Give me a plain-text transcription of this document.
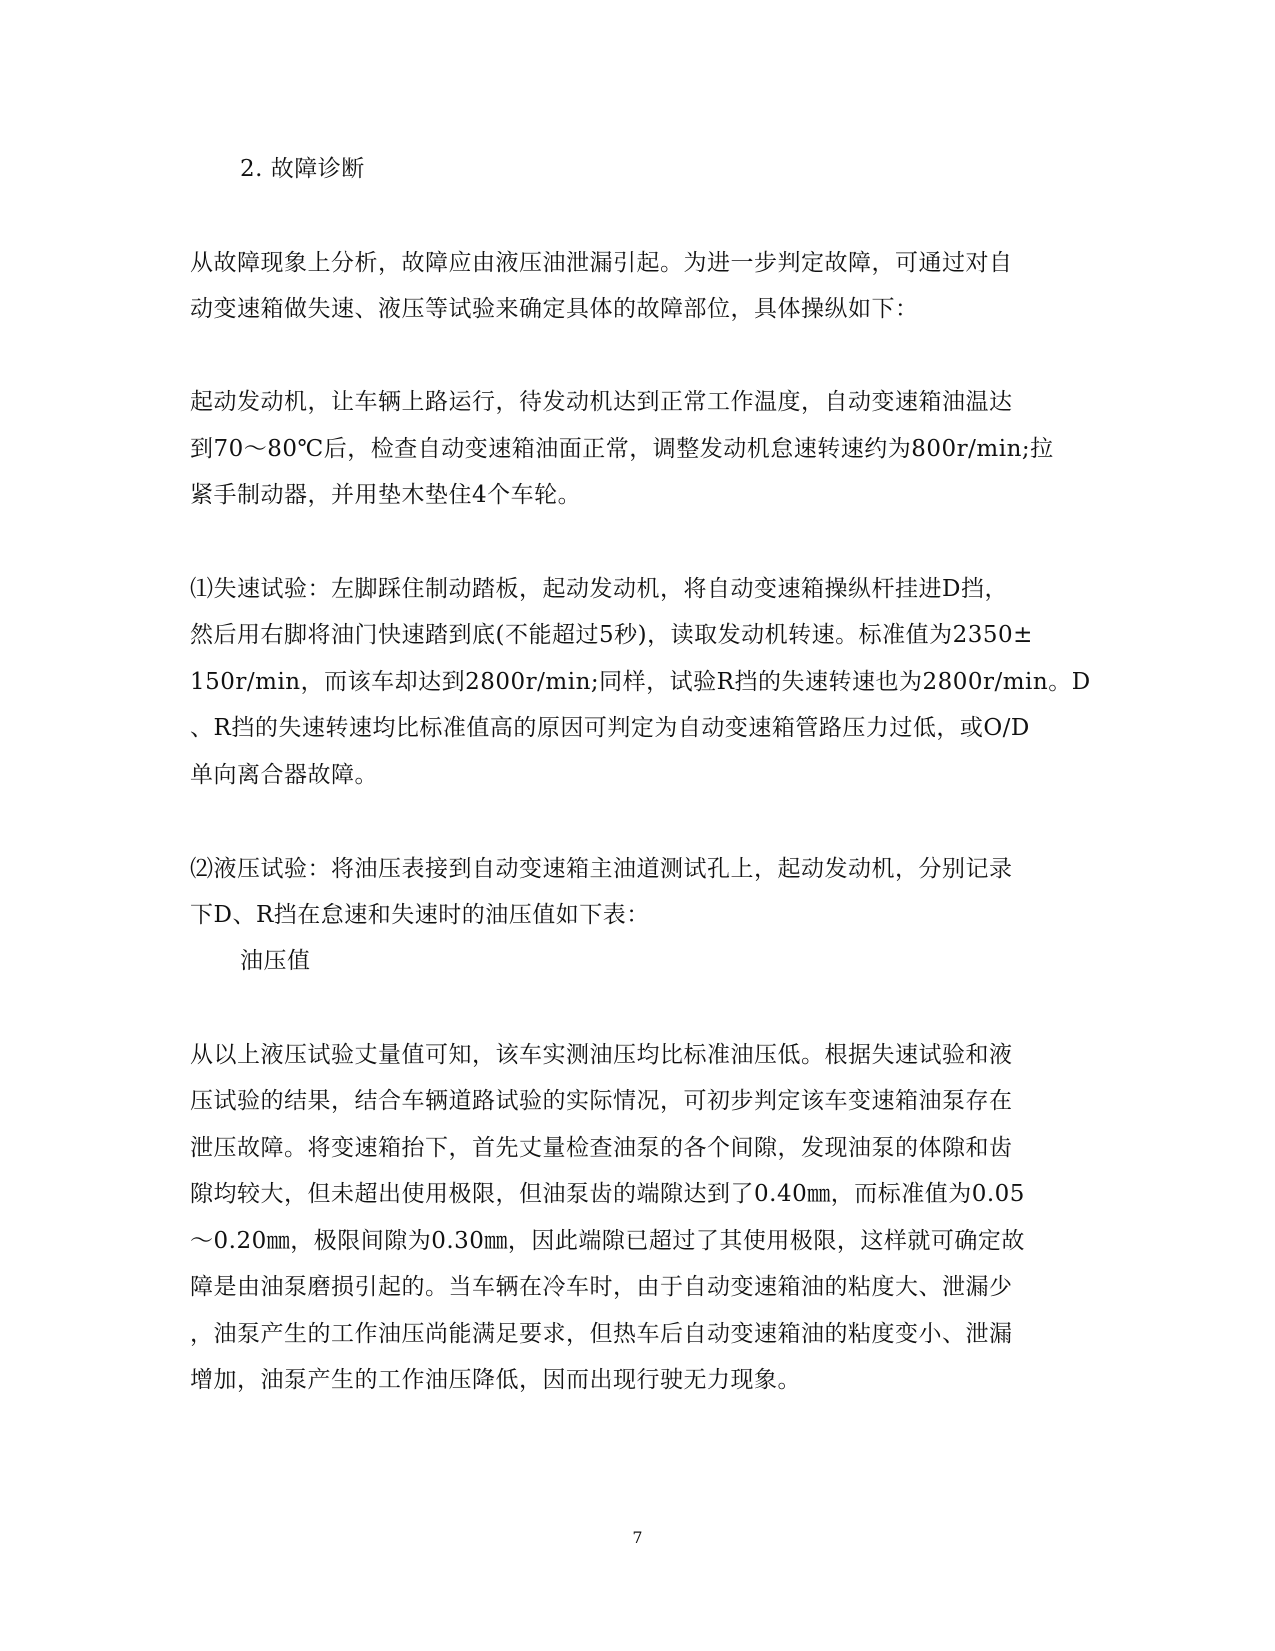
2. 故障诊断
从故障现象上分析，故障应由液压油泄漏引起。为进一步判定故障，可通过对自
动变速箱做失速、液压等试验来确定具体的故障部位，具体操纵如下：
起动发动机，让车辆上路运行，待发动机达到正常工作温度，自动变速箱油温达
到70～80℃后，检查自动变速箱油面正常，调整发动机怠速转速约为800r/min;拉
紧手制动器，并用垫木垫住4个车轮。
⑴失速试验：左脚踩住制动踏板，起动发动机，将自动变速箱操纵杆挂进D挡，
然后用右脚将油门快速踏到底(不能超过5秒)，读取发动机转速。标准值为2350±
150r/min，而该车却达到2800r/min;同样，试验R挡的失速转速也为2800r/min。D
、R挡的失速转速均比标准值高的原因可判定为自动变速箱管路压力过低，或O/D
单向离合器故障。
⑵液压试验：将油压表接到自动变速箱主油道测试孔上，起动发动机，分别记录
下D、R挡在怠速和失速时的油压值如下表：
油压值
从以上液压试验丈量值可知，该车实测油压均比标准油压低。根据失速试验和液
压试验的结果，结合车辆道路试验的实际情况，可初步判定该车变速箱油泵存在
泄压故障。将变速箱抬下，首先丈量检查油泵的各个间隙，发现油泵的体隙和齿
隙均较大，但未超出使用极限，但油泵齿的端隙达到了0.40㎜，而标准值为0.05
～0.20㎜，极限间隙为0.30㎜，因此端隙已超过了其使用极限，这样就可确定故
障是由油泵磨损引起的。当车辆在冷车时，由于自动变速箱油的粘度大、泄漏少
，油泵产生的工作油压尚能满足要求，但热车后自动变速箱油的粘度变小、泄漏
增加，油泵产生的工作油压降低，因而出现行驶无力现象。
7
